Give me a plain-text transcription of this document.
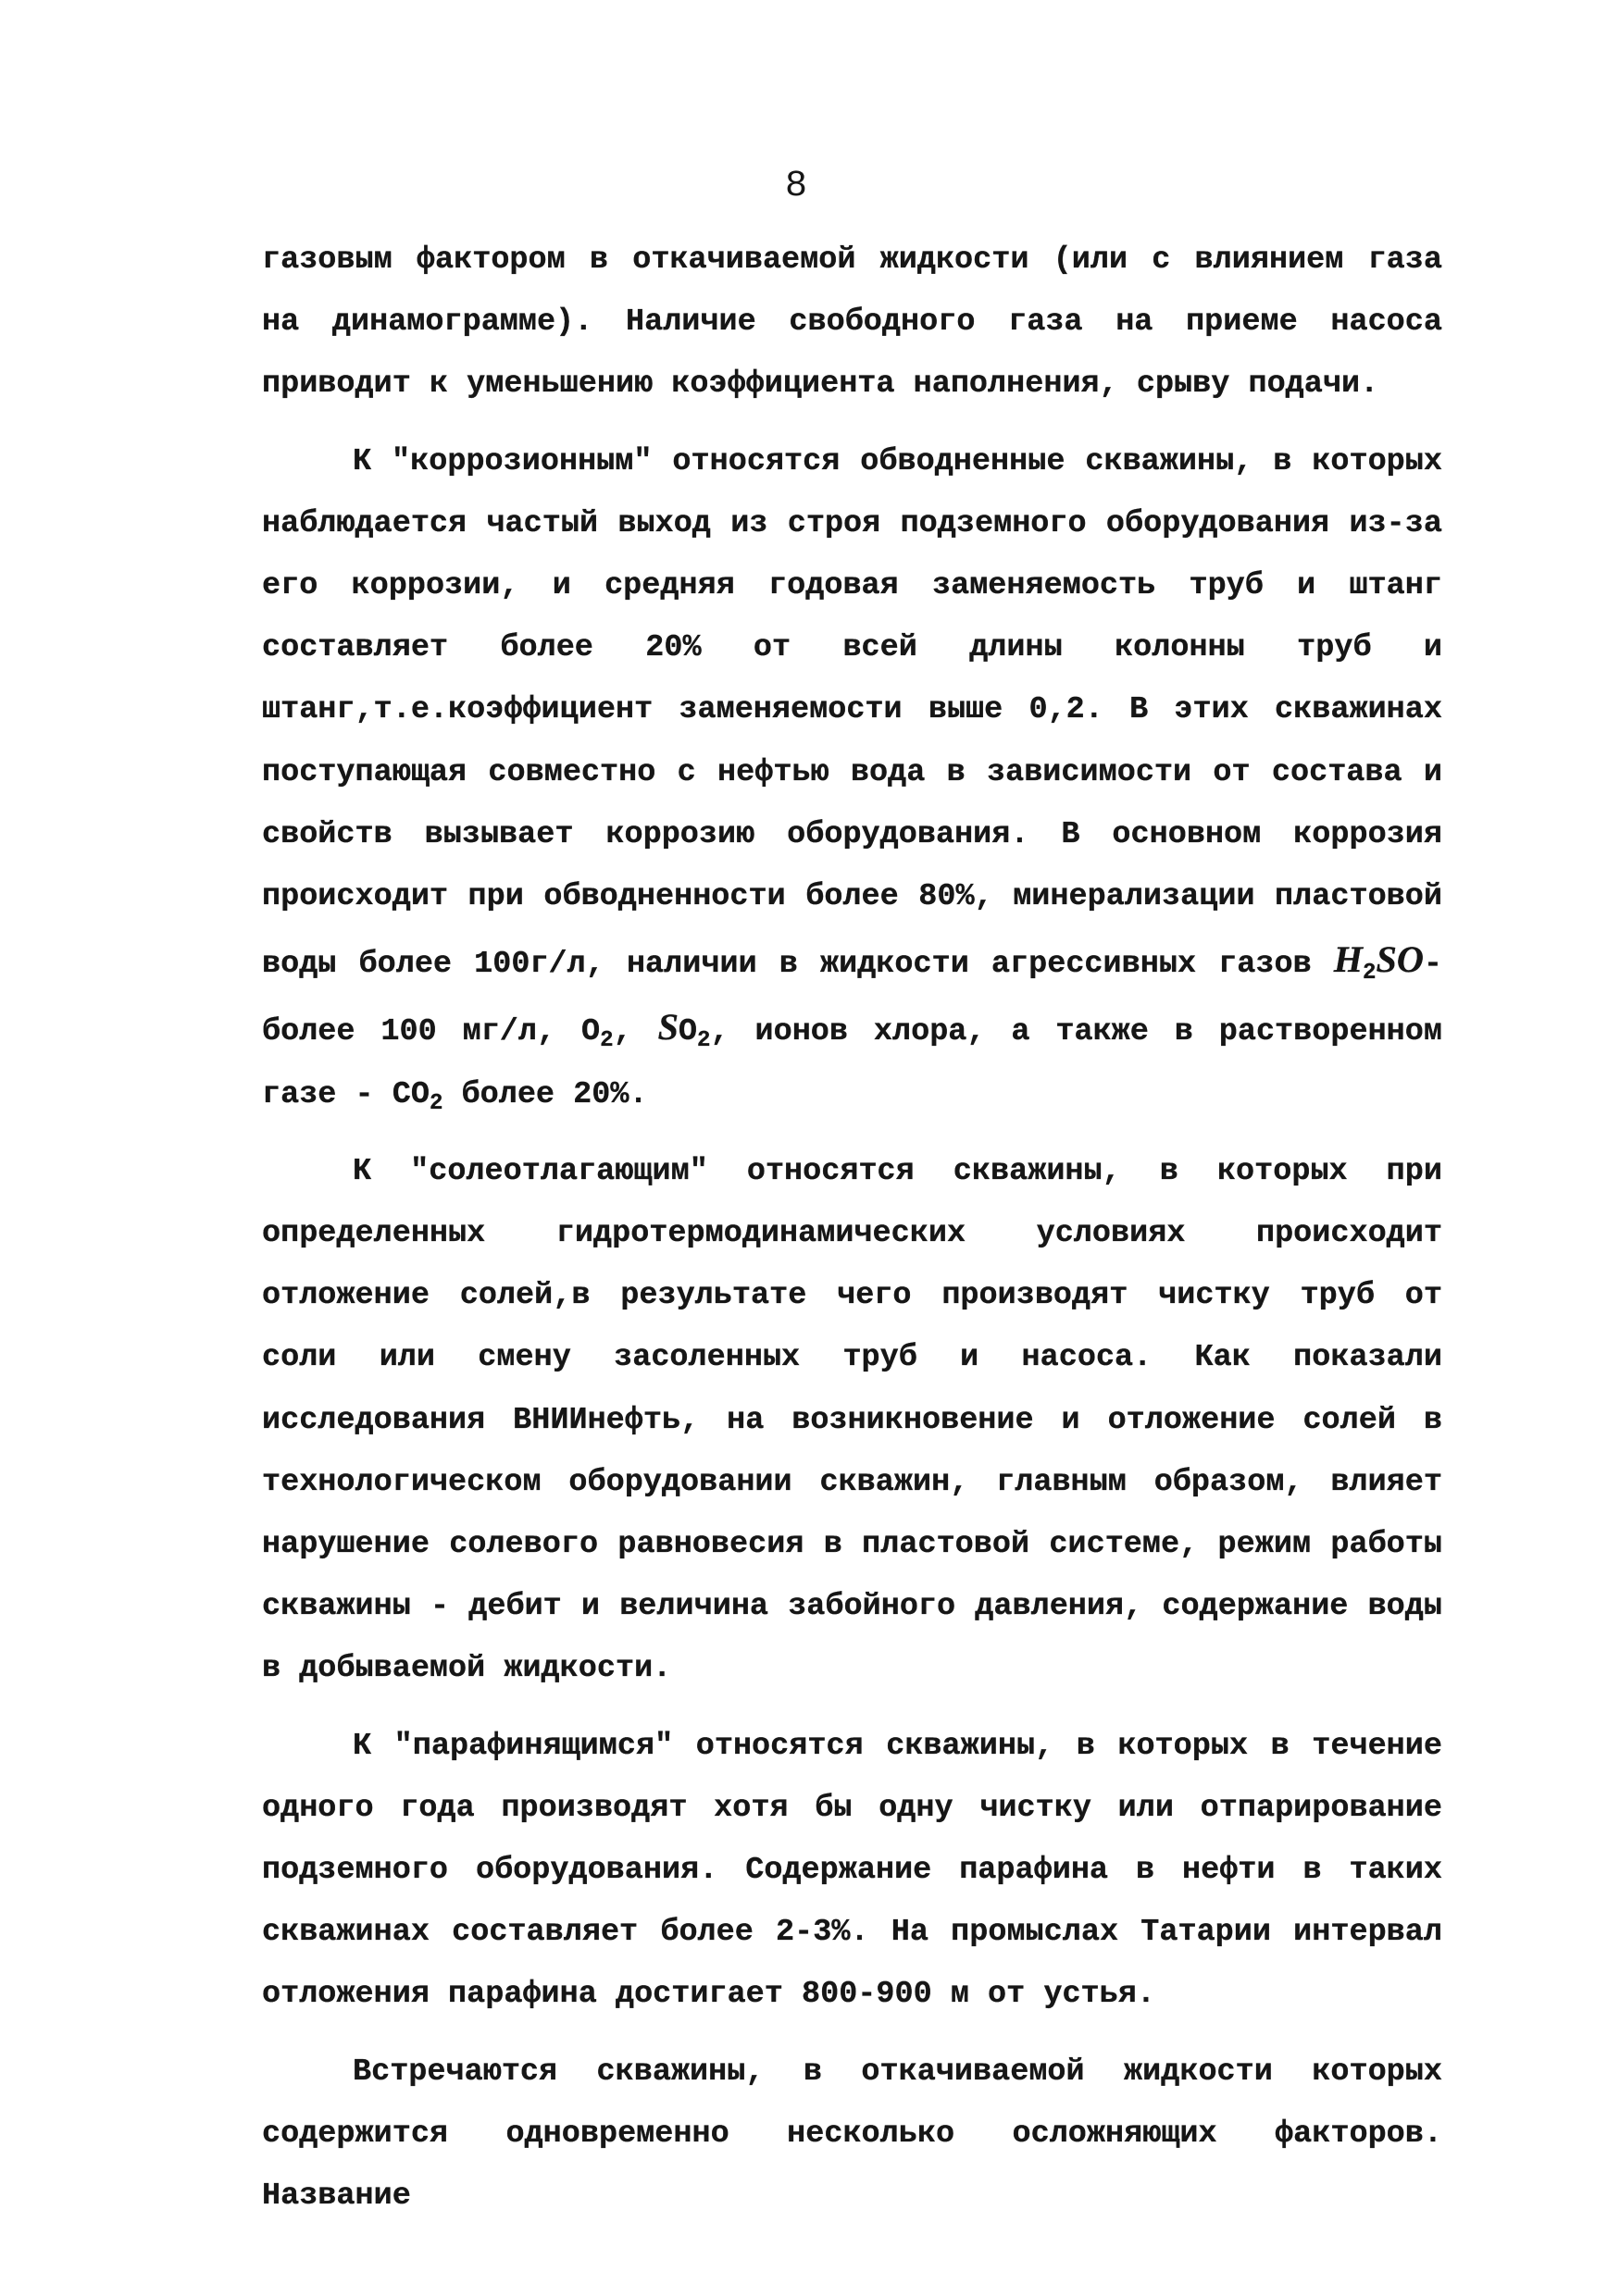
8

газовым фактором в откачиваемой жидкости (или с влиянием газа на динамограмме). Наличие свободного газа на приеме насоса приводит к уменьшению коэффициента наполнения, срыву подачи.

К "коррозионным" относятся обводненные скважины, в которых наблюдается частый выход из строя подземного оборудования из-за его коррозии, и средняя годовая заменяемость труб и штанг составляет более 20% от всей длины колонны труб и штанг,т.е.коэффициент заменяемости выше 0,2. В этих скважинах поступающая совместно с нефтью вода в зависимости от состава и свойств вызывает коррозию оборудования. В основном коррозия происходит при обводненности более 80%, минерализации пластовой воды более 100г/л, наличии в жидкости агрессивных газов $H_2SO-$ более 100 мг/л, $O_2$, $SO_2$, ионов хлора, а также в растворенном газе - $CO_2$ более 20%.

К "солеотлагающим" относятся скважины, в которых при определенных гидротермодинамических условиях происходит отложение солей,в результате чего производят чистку труб от соли или смену засоленных труб и насоса. Как показали исследования ВНИИнефть, на возникновение и отложение солей в технологическом оборудовании скважин, главным образом, влияет нарушение солевого равновесия в пластовой системе, режим работы скважины - дебит и величина забойного давления, содержание воды в добываемой жидкости.

К "парафинящимся" относятся скважины, в которых в течение одного года производят хотя бы одну чистку или отпарирование подземного оборудования. Содержание парафина в нефти в таких скважинах составляет более 2-3%. На промыслах Татарии интервал отложения парафина достигает 800-900 м от устья.

Встречаются скважины, в откачиваемой жидкости которых содержится одновременно несколько осложняющих факторов. Название
